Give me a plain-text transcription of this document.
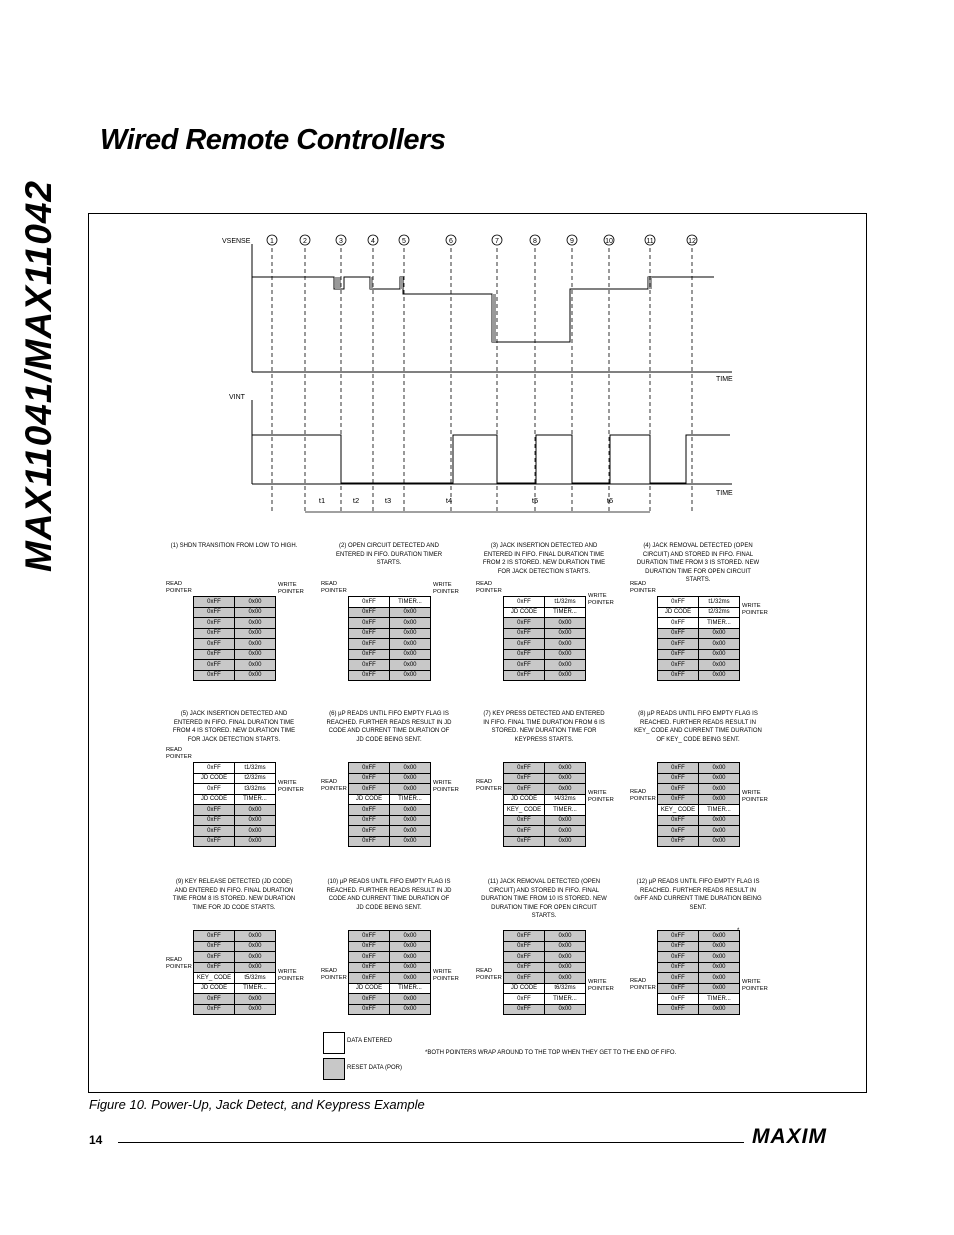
MAX11041/MAX11042
Wired Remote Controllers
1	2	3	4	5	6	7	8	9	10	11	12
t1	t2	t3	t4	t5	t6
VSENSE
VINT
TIME
TIME
(1) SHDN TRANSITION FROM LOW TO HIGH.
0xFF	0x00
0xFF	0x00
0xFF	0x00
0xFF	0x00
0xFF	0x00
0xFF	0x00
0xFF	0x00
0xFF	0x00
READ POINTER
WRITE POINTER
(2) OPEN CIRCUIT DETECTED AND ENTERED IN FIFO. DURATION TIMER STARTS.
0xFF	TIMER...
0xFF	0x00
0xFF	0x00
0xFF	0x00
0xFF	0x00
0xFF	0x00
0xFF	0x00
0xFF	0x00
READ POINTER
WRITE POINTER
(3) JACK INSERTION DETECTED AND ENTERED IN FIFO. FINAL DURATION TIME FROM 2 IS STORED. NEW DURATION TIME FOR JACK DETECTION STARTS.
0xFF	t1/32ms
JD CODE	TIMER...
0xFF	0x00
0xFF	0x00
0xFF	0x00
0xFF	0x00
0xFF	0x00
0xFF	0x00
READ POINTER
WRITE POINTER
(4) JACK REMOVAL DETECTED (OPEN CIRCUIT) AND STORED IN FIFO. FINAL DURATION TIME FROM 3 IS STORED. NEW DURATION TIME FOR OPEN CIRCUIT STARTS.
0xFF	t1/32ms
JD CODE	t2/32ms
0xFF	TIMER...
0xFF	0x00
0xFF	0x00
0xFF	0x00
0xFF	0x00
0xFF	0x00
READ POINTER
WRITE POINTER
(5) JACK INSERTION DETECTED AND ENTERED IN FIFO. FINAL DURATION TIME FROM 4 IS STORED. NEW DURATION TIME FOR JACK DETECTION STARTS.
0xFF	t1/32ms
JD CODE	t2/32ms
0xFF	t3/32ms
JD CODE	TIMER...
0xFF	0x00
0xFF	0x00
0xFF	0x00
0xFF	0x00
READ POINTER
WRITE POINTER
(6) µP READS UNTIL FIFO EMPTY FLAG IS REACHED. FURTHER READS RESULT IN JD CODE AND CURRENT TIME DURATION OF JD CODE BEING SENT.
0xFF	0x00
0xFF	0x00
0xFF	0x00
JD CODE	TIMER...
0xFF	0x00
0xFF	0x00
0xFF	0x00
0xFF	0x00
READ POINTER
WRITE POINTER
(7) KEY PRESS DETECTED AND ENTERED IN FIFO. FINAL TIME DURATION FROM 6 IS STORED. NEW DURATION TIME FOR KEYPRESS STARTS.
0xFF	0x00
0xFF	0x00
0xFF	0x00
JD CODE	t4/32ms
KEY_ CODE	TIMER...
0xFF	0x00
0xFF	0x00
0xFF	0x00
READ POINTER
WRITE POINTER
(8) µP READS UNTIL FIFO EMPTY FLAG IS REACHED. FURTHER READS RESULT IN KEY_ CODE AND CURRENT TIME DURATION OF KEY_ CODE BEING SENT.
0xFF	0x00
0xFF	0x00
0xFF	0x00
0xFF	0x00
KEY_ CODE	TIMER...
0xFF	0x00
0xFF	0x00
0xFF	0x00
READ POINTER
WRITE POINTER
(9) KEY RELEASE DETECTED (JD CODE) AND ENTERED IN FIFO. FINAL DURATION TIME FROM 8 IS STORED. NEW DURATION TIME FOR JD CODE STARTS.
0xFF	0x00
0xFF	0x00
0xFF	0x00
0xFF	0x00
KEY_ CODE	t5/32ms
JD CODE	TIMER...
0xFF	0x00
0xFF	0x00
READ POINTER
WRITE POINTER
(10) µP READS UNTIL FIFO EMPTY FLAG IS REACHED. FURTHER READS RESULT IN JD CODE AND CURRENT TIME DURATION OF JD CODE BEING SENT.
0xFF	0x00
0xFF	0x00
0xFF	0x00
0xFF	0x00
0xFF	0x00
JD CODE	TIMER...
0xFF	0x00
0xFF	0x00
READ POINTER
WRITE POINTER
(11) JACK REMOVAL DETECTED (OPEN CIRCUIT) AND STORED IN FIFO. FINAL DURATION TIME FROM 10 IS STORED. NEW DURATION TIME FOR OPEN CIRCUIT STARTS.
0xFF	0x00
0xFF	0x00
0xFF	0x00
0xFF	0x00
0xFF	0x00
JD CODE	t6/32ms
0xFF	TIMER...
0xFF	0x00
READ POINTER
WRITE POINTER
(12) µP READS UNTIL FIFO EMPTY FLAG IS REACHED. FURTHER READS RESULT IN 0xFF AND CURRENT TIME DURATION BEING SENT.
0xFF	0x00
0xFF	0x00
0xFF	0x00
0xFF	0x00
0xFF	0x00
0xFF	0x00
0xFF	TIMER...
0xFF	0x00
READ POINTER
WRITE POINTER
DATA ENTERED
RESET DATA (POR)
*BOTH POINTERS WRAP AROUND TO THE TOP WHEN THEY GET TO THE END OF FIFO.
*
Figure 10. Power-Up, Jack Detect, and Keypress Example
14	MAXIM
